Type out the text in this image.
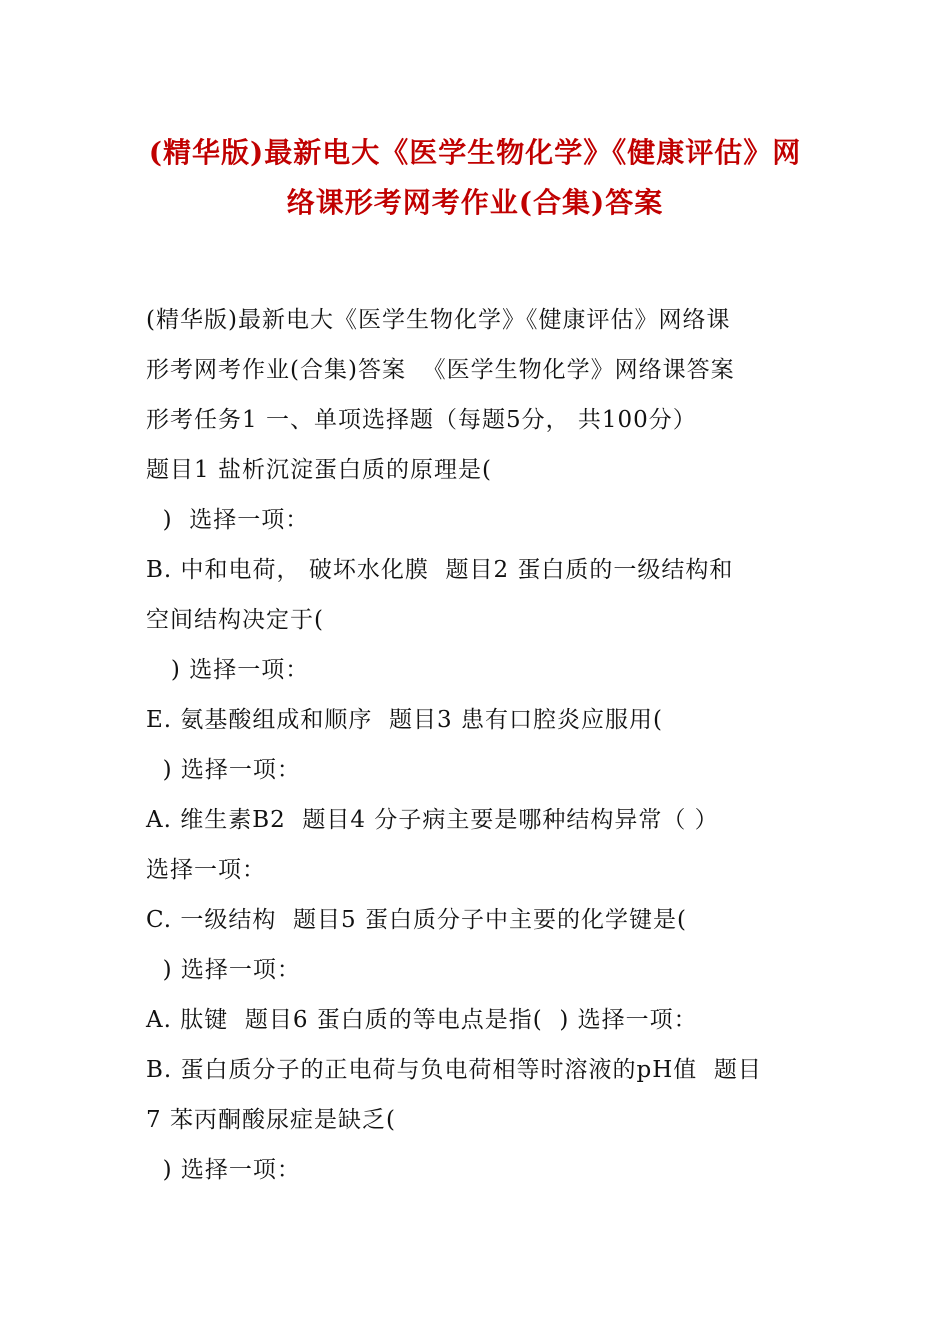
(精华版)最新电大《医学生物化学》《健康评估》网
络课形考网考作业(合集)答案
(精华版)最新电大《医学生物化学》《健康评估》网络课
形考网考作业(合集)答案  《医学生物化学》网络课答案
形考任务1 一、单项选择题（每题5分， 共100分）
题目1 盐析沉淀蛋白质的原理是(
)  选择一项：
B. 中和电荷， 破坏水化膜  题目2 蛋白质的一级结构和
空间结构决定于(
) 选择一项：
E. 氨基酸组成和顺序  题目3 患有口腔炎应服用(
) 选择一项：
A. 维生素B2  题目4 分子病主要是哪种结构异常（ ）
选择一项：
C. 一级结构  题目5 蛋白质分子中主要的化学键是(
) 选择一项：
A. 肽键  题目6 蛋白质的等电点是指(  ) 选择一项：
B. 蛋白质分子的正电荷与负电荷相等时溶液的pH值  题目
7 苯丙酮酸尿症是缺乏(
) 选择一项：
